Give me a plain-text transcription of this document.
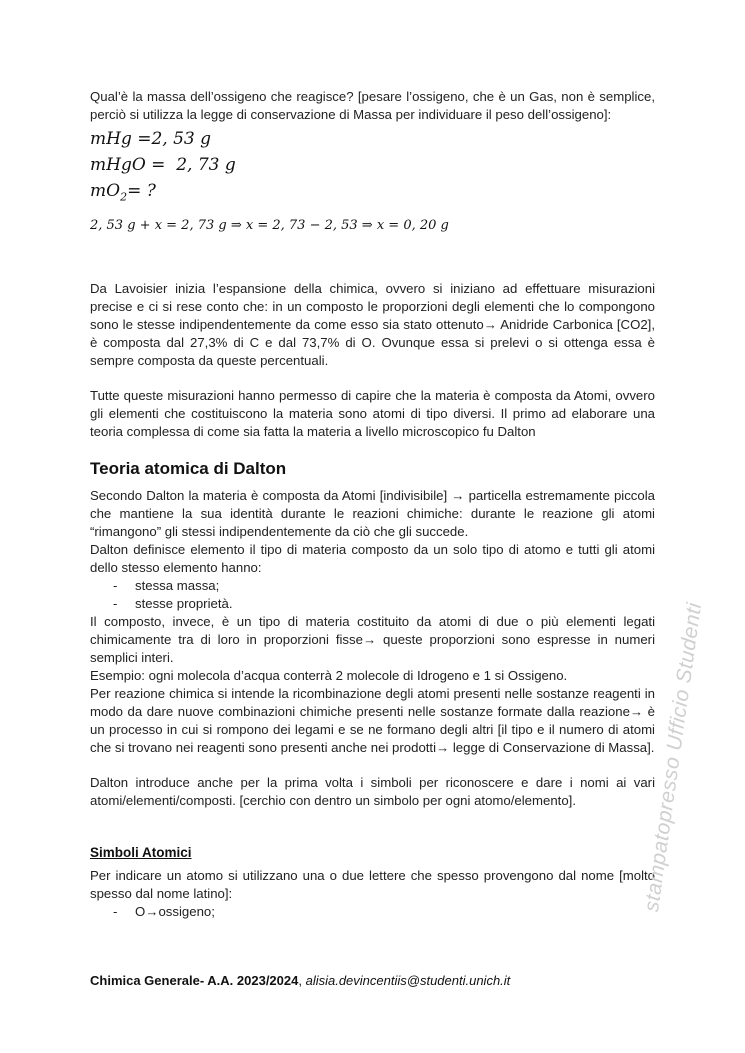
Qual’è la massa dell’ossigeno che reagisce? [pesare l’ossigeno, che è un Gas, non è semplice, perciò si utilizza la legge di conservazione di Massa per individuare il peso dell’ossigeno]:

mHg =2, 53 g
mHgO =  2, 73 g
$mO_2=$ ?
2, 53 g + x = 2, 73 g ⇒ x = 2, 73 − 2, 53 ⇒ x = 0, 20 g

Da Lavoisier inizia l’espansione della chimica, ovvero si iniziano ad effettuare misurazioni precise e ci si rese conto che: in un composto le proporzioni degli elementi che lo compongono sono le stesse indipendentemente da come esso sia stato ottenuto→ Anidride Carbonica [CO2], è composta dal 27,3% di C e dal 73,7% di O. Ovunque essa si prelevi o si ottenga essa è sempre composta da queste percentuali.

Tutte queste misurazioni hanno permesso di capire che la materia è composta da Atomi, ovvero gli elementi che costituiscono la materia sono atomi di tipo diversi. Il primo ad elaborare una teoria complessa di come sia fatta la materia a livello microscopico fu Dalton

Teoria atomica di Dalton

Secondo Dalton la materia è composta da Atomi [indivisibile] → particella estremamente piccola che mantiene la sua identità durante le reazioni chimiche: durante le reazione gli atomi “rimangono” gli stessi indipendentemente da ciò che gli succede.

Dalton definisce elemento il tipo di materia composto da un solo tipo di atomo e tutti gli atomi dello stesso elemento hanno:

- stessa massa;
- stesse proprietà.

Il composto, invece, è un tipo di materia costituito da atomi di due o più elementi legati chimicamente tra di loro in proporzioni fisse→ queste proporzioni sono espresse in numeri semplici interi.

Esempio: ogni molecola d’acqua conterrà 2 molecole di Idrogeno e 1 si Ossigeno.

Per reazione chimica si intende la ricombinazione degli atomi presenti nelle sostanze reagenti in modo da dare nuove combinazioni chimiche presenti nelle sostanze formate dalla reazione→ è un processo in cui si rompono dei legami e se ne formano degli altri [il tipo e il numero di atomi che si trovano nei reagenti sono presenti anche nei prodotti→ legge di Conservazione di Massa].

Dalton introduce anche per la prima volta i simboli per riconoscere e dare i nomi ai vari atomi/elementi/composti. [cerchio con dentro un simbolo per ogni atomo/elemento].

Simboli Atomici

Per indicare un atomo si utilizzano una o due lettere che spesso provengono dal nome [molto spesso dal nome latino]:

- O→ossigeno;
Chimica Generale- A.A. 2023/2024, alisia.devincentiis@studenti.unich.it
stampatopresso Ufficio Studenti
